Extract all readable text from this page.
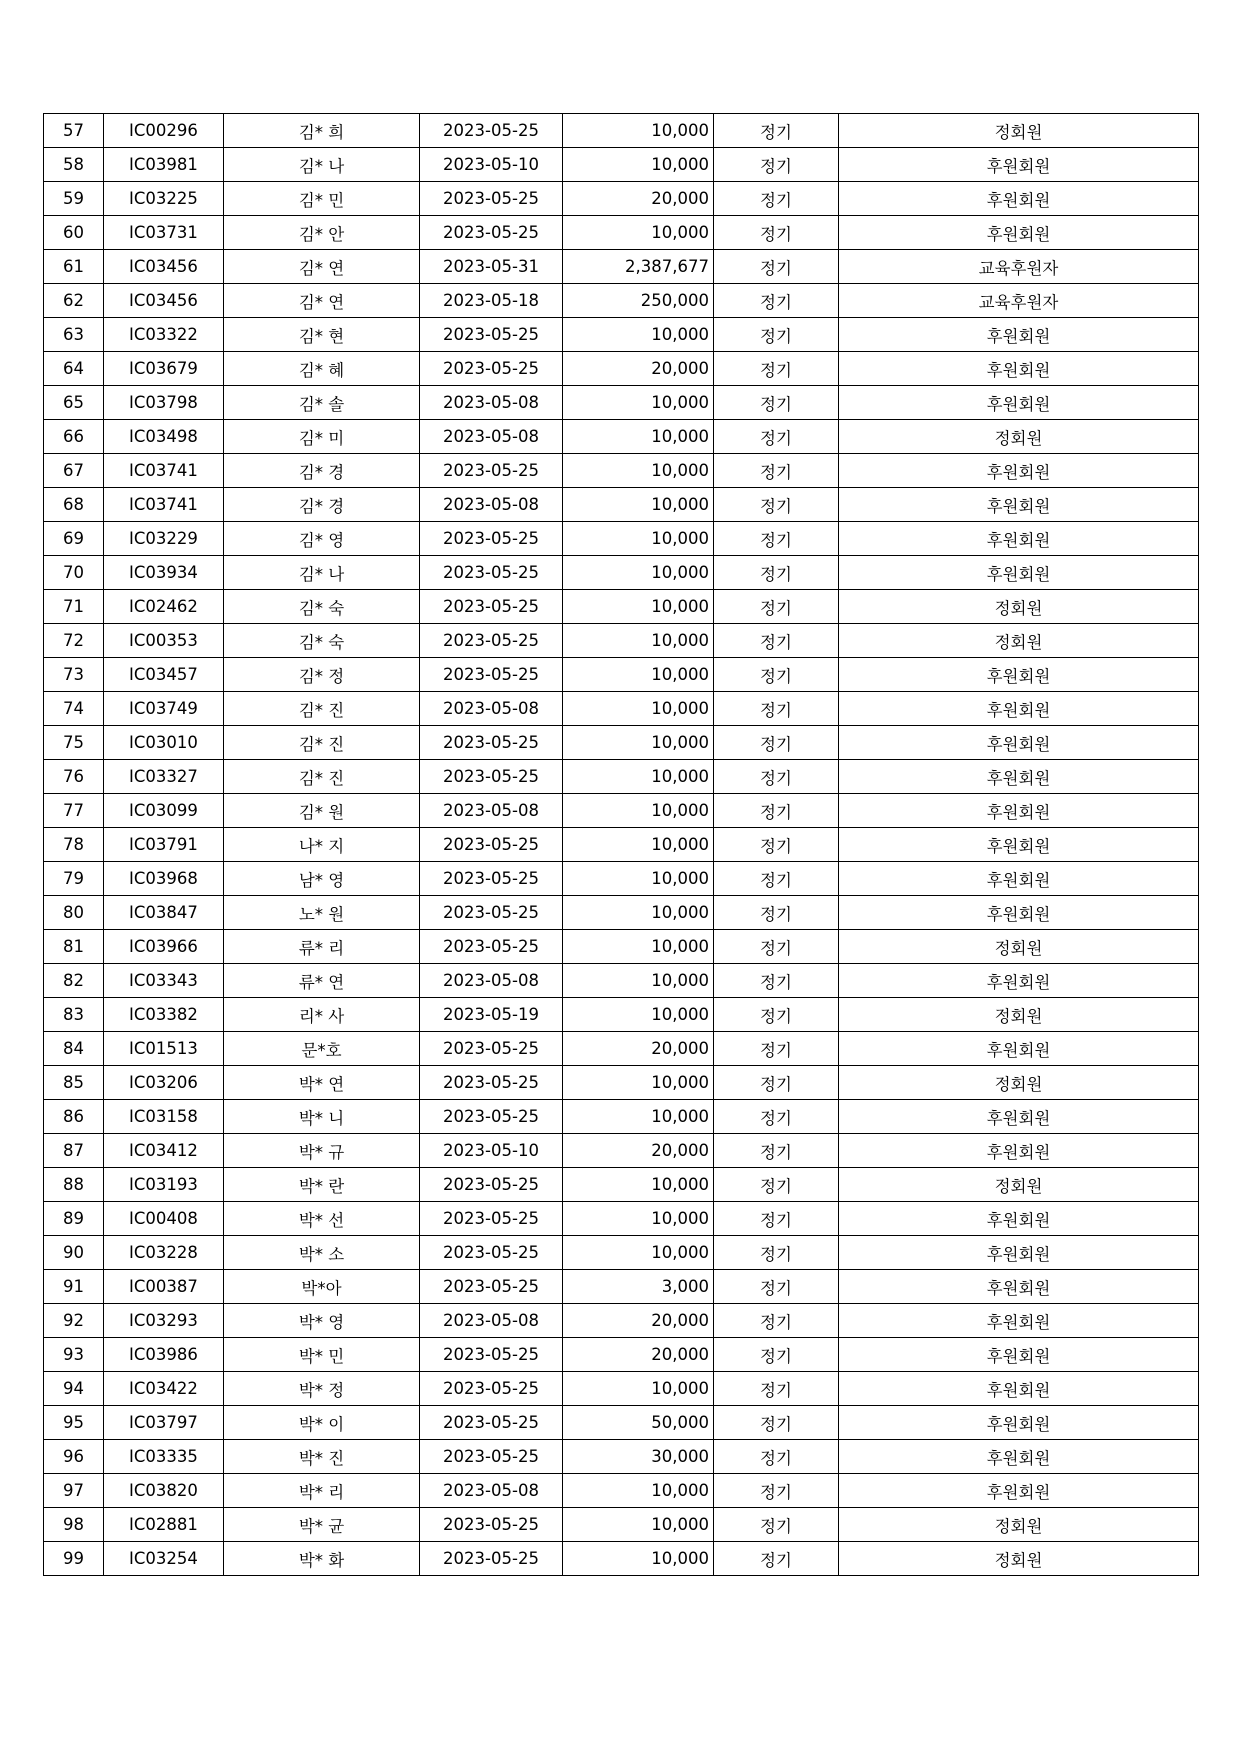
57	IC00296	김* 희	2023-05-25	10,000	정기	정회원
58	IC03981	김* 나	2023-05-10	10,000	정기	후원회원
59	IC03225	김* 민	2023-05-25	20,000	정기	후원회원
60	IC03731	김* 안	2023-05-25	10,000	정기	후원회원
61	IC03456	김* 연	2023-05-31	2,387,677	정기	교육후원자
62	IC03456	김* 연	2023-05-18	250,000	정기	교육후원자
63	IC03322	김* 현	2023-05-25	10,000	정기	후원회원
64	IC03679	김* 혜	2023-05-25	20,000	정기	후원회원
65	IC03798	김* 솔	2023-05-08	10,000	정기	후원회원
66	IC03498	김* 미	2023-05-08	10,000	정기	정회원
67	IC03741	김* 경	2023-05-25	10,000	정기	후원회원
68	IC03741	김* 경	2023-05-08	10,000	정기	후원회원
69	IC03229	김* 영	2023-05-25	10,000	정기	후원회원
70	IC03934	김* 나	2023-05-25	10,000	정기	후원회원
71	IC02462	김* 숙	2023-05-25	10,000	정기	정회원
72	IC00353	김* 숙	2023-05-25	10,000	정기	정회원
73	IC03457	김* 정	2023-05-25	10,000	정기	후원회원
74	IC03749	김* 진	2023-05-08	10,000	정기	후원회원
75	IC03010	김* 진	2023-05-25	10,000	정기	후원회원
76	IC03327	김* 진	2023-05-25	10,000	정기	후원회원
77	IC03099	김* 원	2023-05-08	10,000	정기	후원회원
78	IC03791	나* 지	2023-05-25	10,000	정기	후원회원
79	IC03968	남* 영	2023-05-25	10,000	정기	후원회원
80	IC03847	노* 원	2023-05-25	10,000	정기	후원회원
81	IC03966	류* 리	2023-05-25	10,000	정기	정회원
82	IC03343	류* 연	2023-05-08	10,000	정기	후원회원
83	IC03382	리* 사	2023-05-19	10,000	정기	정회원
84	IC01513	문*호	2023-05-25	20,000	정기	후원회원
85	IC03206	박* 연	2023-05-25	10,000	정기	정회원
86	IC03158	박* 니	2023-05-25	10,000	정기	후원회원
87	IC03412	박* 규	2023-05-10	20,000	정기	후원회원
88	IC03193	박* 란	2023-05-25	10,000	정기	정회원
89	IC00408	박* 선	2023-05-25	10,000	정기	후원회원
90	IC03228	박* 소	2023-05-25	10,000	정기	후원회원
91	IC00387	박*아	2023-05-25	3,000	정기	후원회원
92	IC03293	박* 영	2023-05-08	20,000	정기	후원회원
93	IC03986	박* 민	2023-05-25	20,000	정기	후원회원
94	IC03422	박* 정	2023-05-25	10,000	정기	후원회원
95	IC03797	박* 이	2023-05-25	50,000	정기	후원회원
96	IC03335	박* 진	2023-05-25	30,000	정기	후원회원
97	IC03820	박* 리	2023-05-08	10,000	정기	후원회원
98	IC02881	박* 균	2023-05-25	10,000	정기	정회원
99	IC03254	박* 화	2023-05-25	10,000	정기	정회원
